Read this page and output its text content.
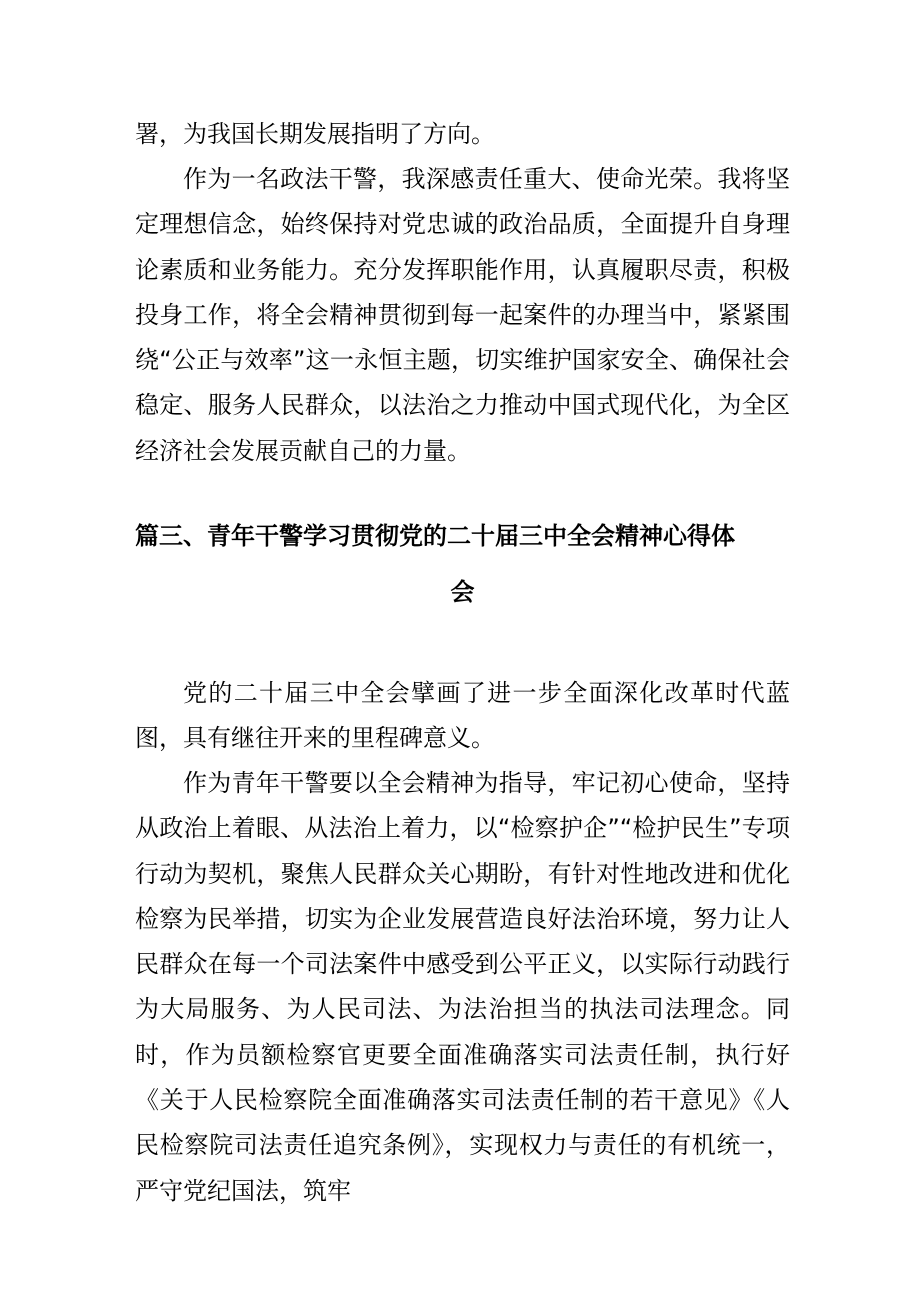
署，为我国长期发展指明了方向。

作为一名政法干警，我深感责任重大、使命光荣。我将坚定理想信念，始终保持对党忠诚的政治品质，全面提升自身理论素质和业务能力。充分发挥职能作用，认真履职尽责，积极投身工作，将全会精神贯彻到每一起案件的办理当中，紧紧围绕“公正与效率”这一永恒主题，切实维护国家安全、确保社会稳定、服务人民群众，以法治之力推动中国式现代化，为全区经济社会发展贡献自己的力量。

篇三、青年干警学习贯彻党的二十届三中全会精神心得体

会

党的二十届三中全会擘画了进一步全面深化改革时代蓝图，具有继往开来的里程碑意义。

作为青年干警要以全会精神为指导，牢记初心使命，坚持从政治上着眼、从法治上着力，以“检察护企”“检护民生”专项行动为契机，聚焦人民群众关心期盼，有针对性地改进和优化检察为民举措，切实为企业发展营造良好法治环境，努力让人民群众在每一个司法案件中感受到公平正义，以实际行动践行为大局服务、为人民司法、为法治担当的执法司法理念。同时，作为员额检察官更要全面准确落实司法责任制，执行好《关于人民检察院全面准确落实司法责任制的若干意见》《人民检察院司法责任追究条例》，实现权力与责任的有机统一，严守党纪国法，筑牢
